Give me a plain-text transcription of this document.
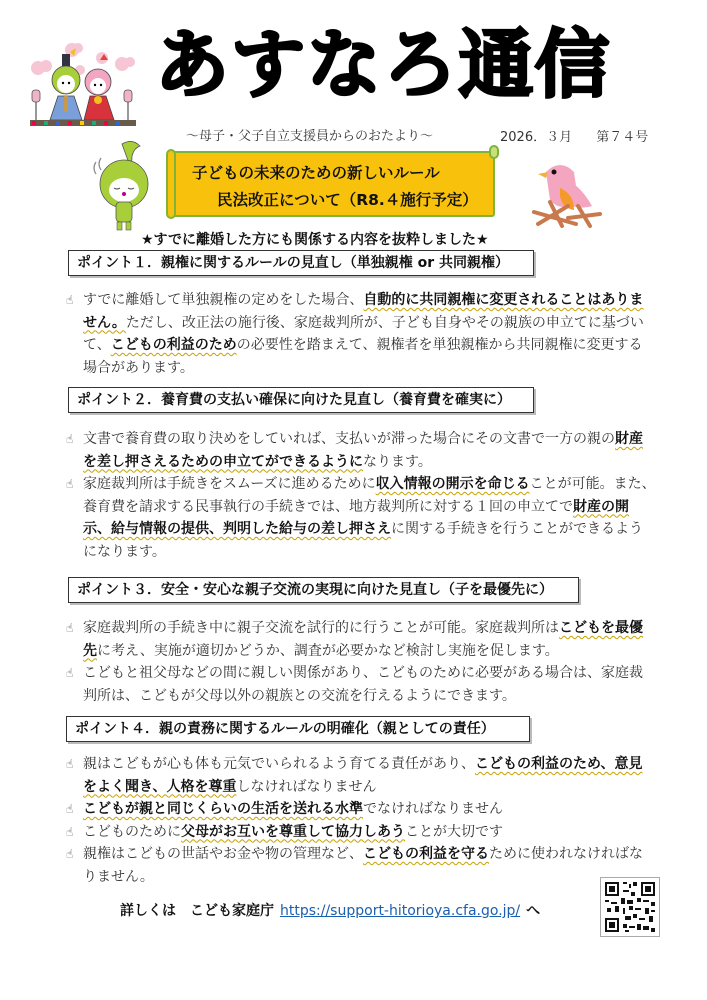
あすなろ通信
～母子・父子自立支援員からのおたより～	2026．３月 第７４号
子どもの未来のための新しいルール
民法改正について（R8.４施行予定）
★すでに離婚した方にも関係する内容を抜粋しました★
ポイント１．親権に関するルールの見直し（単独親権 or 共同親権）
☝ すでに離婚して単独親権の定めをした場合、自動的に共同親権に変更されることはありません。ただし、改正法の施行後、家庭裁判所が、子ども自身やその親族の申立てに基づいて、こどもの利益のための必要性を踏まえて、親権者を単独親権から共同親権に変更する場合があります。
ポイント２．養育費の支払い確保に向けた見直し（養育費を確実に）
☝ 文書で養育費の取り決めをしていれば、支払いが滞った場合にその文書で一方の親の財産を差し押さえるための申立てができるようになります。
☝ 家庭裁判所は手続きをスムーズに進めるために収入情報の開示を命じることが可能。また、養育費を請求する民事執行の手続きでは、地方裁判所に対する１回の申立てで財産の開示、給与情報の提供、判明した給与の差し押さえに関する手続きを行うことができるようになります。
ポイント３．安全・安心な親子交流の実現に向けた見直し（子を最優先に）
☝ 家庭裁判所の手続き中に親子交流を試行的に行うことが可能。家庭裁判所はこどもを最優先に考え、実施が適切かどうか、調査が必要かなど検討し実施を促します。
☝ こどもと祖父母などの間に親しい関係があり、こどものために必要がある場合は、家庭裁判所は、こどもが父母以外の親族との交流を行えるようにできます。
ポイント４．親の責務に関するルールの明確化（親としての責任）
☝ 親はこどもが心も体も元気でいられるよう育てる責任があり、こどもの利益のため、意見をよく聞き、人格を尊重しなければなりません
☝ こどもが親と同じくらいの生活を送れる水準でなければなりません
☝ こどものために父母がお互いを尊重して協力しあうことが大切です
☝ 親権はこどもの世話やお金や物の管理など、こどもの利益を守るために使われなければなりません。
詳しくは　こども家庭庁 https://support-hitorioya.cfa.go.jp/ へ
